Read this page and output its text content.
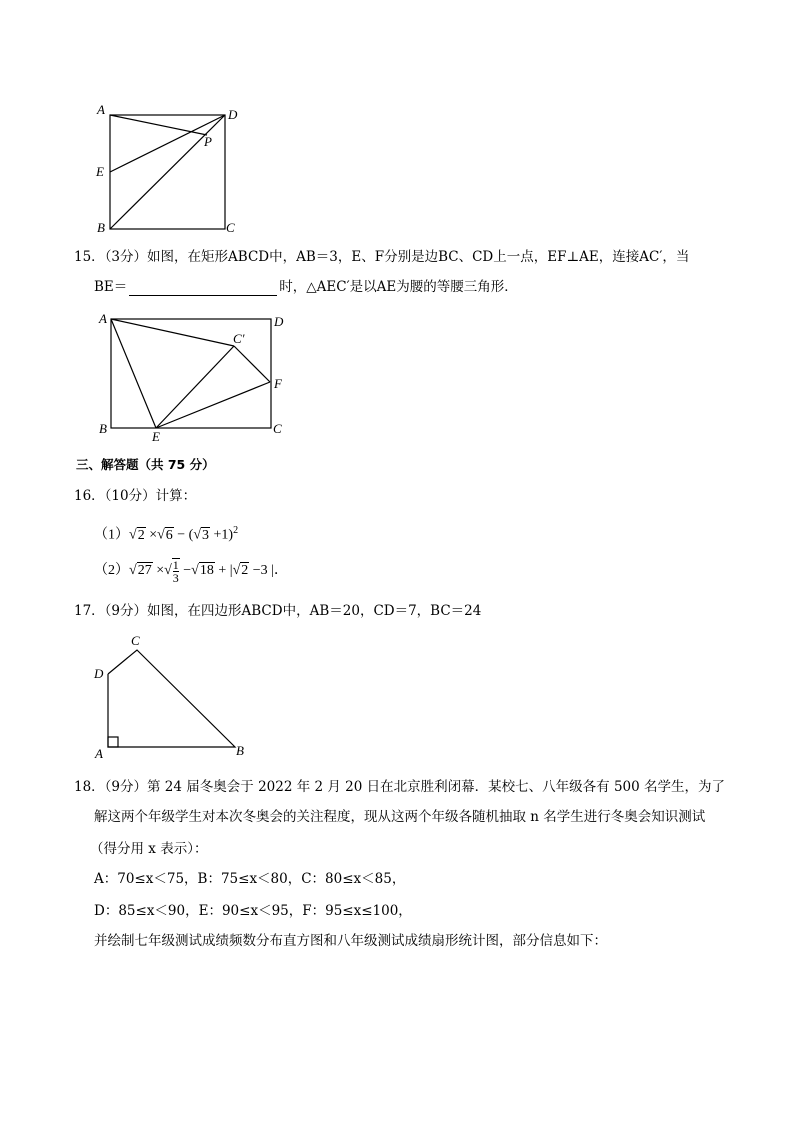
A	D
P
E
B	C
15．（3分）如图，在矩形ABCD中，AB＝3，E、F分别是边BC、CD上一点，EF⊥AE，连接AC′，当
BE＝	时，△AEC′是以AE为腰的等腰三角形．
A	D
C′
F
B
E
C
三、解答题（共 75 分）
16．（10分）计算：
$(1)√2 \times√6 - (√3 +1)^2$
（2）√27 ×√ $\frac{1}{3} -√18 + |√2 -3$ |．
17．（9分）如图，在四边形ABCD中，AB＝20，CD＝7，BC＝24
C
D
A	B
18．（9分）第 24 届冬奥会于 2022 年 2 月 20 日在北京胜利闭幕．某校七、八年级各有 500 名学生，为了
解这两个年级学生对本次冬奥会的关注程度，现从这两个年级各随机抽取 n 名学生进行冬奥会知识测试
（得分用 x 表示）：
A：70≤x＜75，B：75≤x＜80，C：80≤x＜85，
D：85≤x＜90，E：90≤x＜95，F：95≤x≤100，
并绘制七年级测试成绩频数分布直方图和八年级测试成绩扇形统计图，部分信息如下：
